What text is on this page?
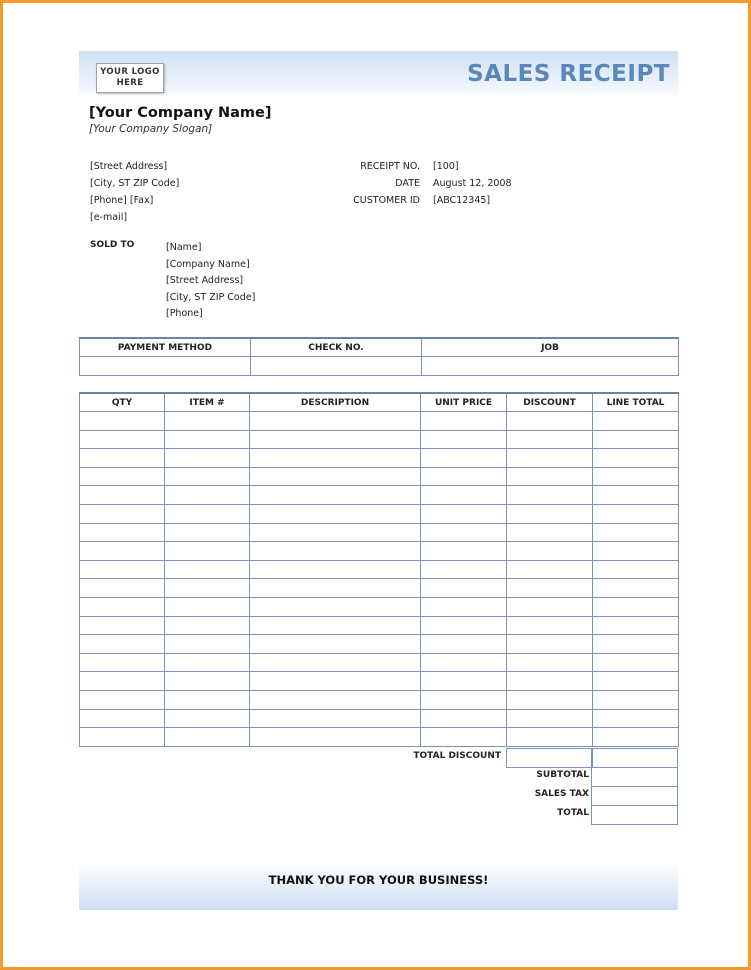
YOUR LOGO
HERE	SALES RECEIPT
[Your Company Name]
[Your Company Slogan]
[Street Address]
[City, ST ZIP Code]
[Phone] [Fax]
[e-mail]
RECEIPT NO.	[100]
DATE	August 12, 2008
CUSTOMER ID	[ABC12345]
SOLD TO	[Name]
[Company Name]
[Street Address]
[City, ST ZIP Code]
[Phone]
PAYMENT METHOD	CHECK NO.	JOB

QTY	ITEM #	DESCRIPTION	UNIT PRICE	DISCOUNT	LINE TOTAL

TOTAL DISCOUNT
SUBTOTAL
SALES TAX
TOTAL
THANK YOU FOR YOUR BUSINESS!
